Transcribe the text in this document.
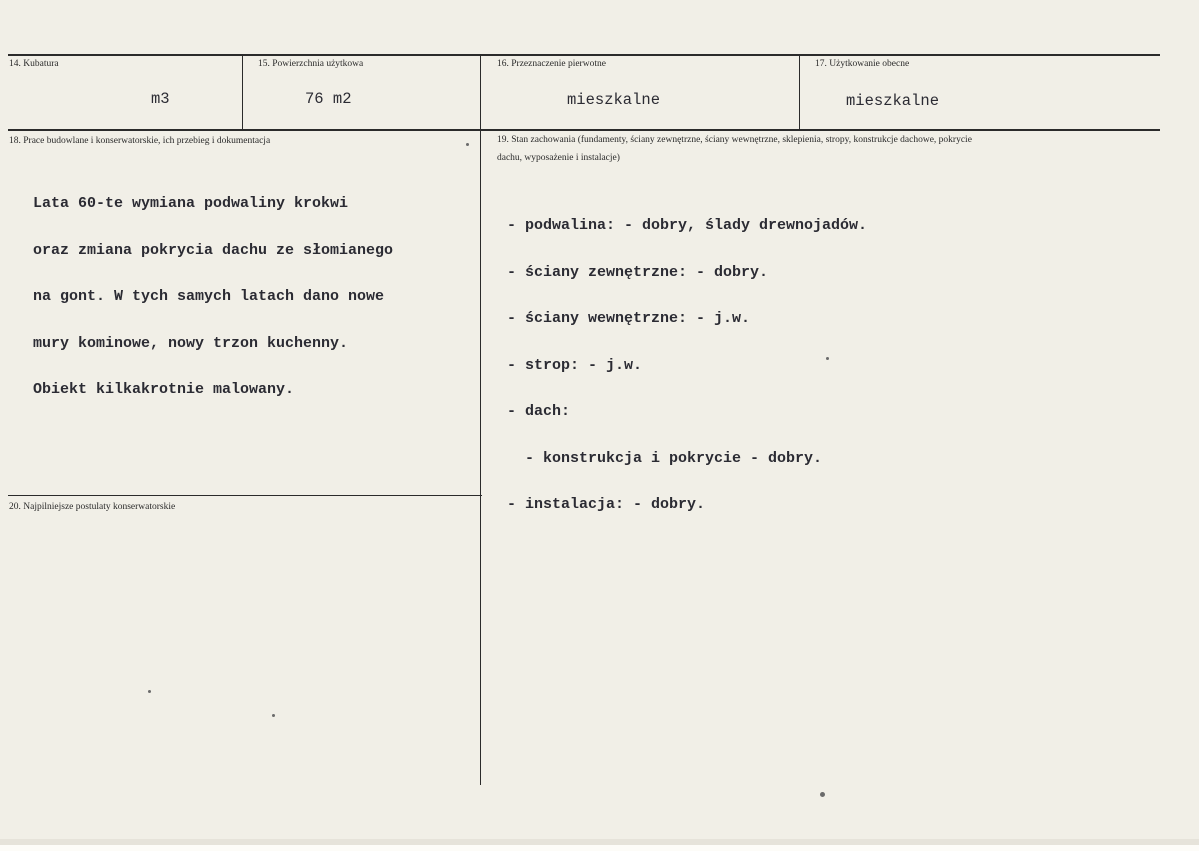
14. Kubatura
m3
15. Powierzchnia użytkowa
76 m2
16. Przeznaczenie pierwotne
mieszkalne
17. Użytkowanie obecne
mieszkalne
18. Prace budowlane i konserwatorskie, ich przebieg i dokumentacja

Lata 60-te wymiana podwaliny krokwi

oraz zmiana pokrycia dachu ze słomianego

na gont. W tych samych latach dano nowe

mury kominowe, nowy trzon kuchenny.

Obiekt kilkakrotnie malowany.

19. Stan zachowania (fundamenty, ściany zewnętrzne, ściany wewnętrzne, sklepienia, stropy, konstrukcje dachowe, pokrycie dachu, wyposażenie i instalacje)

- podwalina: - dobry, ślady drewnojadów.

- ściany zewnętrzne: - dobry.

- ściany wewnętrzne: - j.w.

- strop: - j.w.

- dach:

- konstrukcja i pokrycie - dobry.

- instalacja: - dobry.

20. Najpilniejsze postulaty konserwatorskie
